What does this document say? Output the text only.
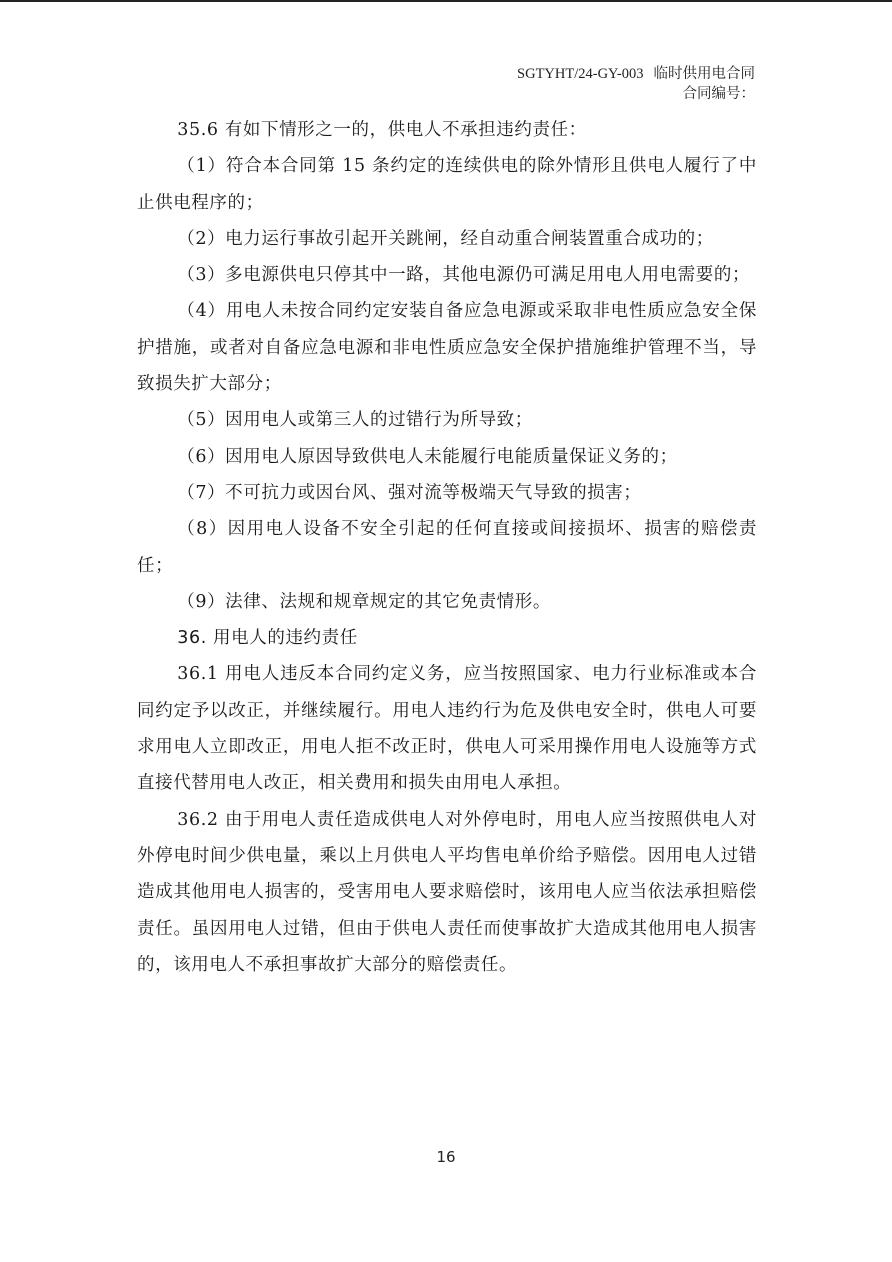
SGTYHT/24-GY-003 临时供用电合同
合同编号：

35.6 有如下情形之一的，供电人不承担违约责任：

（1）符合本合同第 15 条约定的连续供电的除外情形且供电人履行了中止供电程序的；

（2）电力运行事故引起开关跳闸，经自动重合闸装置重合成功的；

（3）多电源供电只停其中一路，其他电源仍可满足用电人用电需要的；

（4）用电人未按合同约定安装自备应急电源或采取非电性质应急安全保护措施，或者对自备应急电源和非电性质应急安全保护措施维护管理不当，导致损失扩大部分；

（5）因用电人或第三人的过错行为所导致；

（6）因用电人原因导致供电人未能履行电能质量保证义务的；

（7）不可抗力或因台风、强对流等极端天气导致的损害；

（8）因用电人设备不安全引起的任何直接或间接损坏、损害的赔偿责任；

（9）法律、法规和规章规定的其它免责情形。

36. 用电人的违约责任

36.1 用电人违反本合同约定义务，应当按照国家、电力行业标准或本合同约定予以改正，并继续履行。用电人违约行为危及供电安全时，供电人可要求用电人立即改正，用电人拒不改正时，供电人可采用操作用电人设施等方式直接代替用电人改正，相关费用和损失由用电人承担。

36.2 由于用电人责任造成供电人对外停电时，用电人应当按照供电人对外停电时间少供电量，乘以上月供电人平均售电单价给予赔偿。因用电人过错造成其他用电人损害的，受害用电人要求赔偿时，该用电人应当依法承担赔偿责任。虽因用电人过错，但由于供电人责任而使事故扩大造成其他用电人损害的，该用电人不承担事故扩大部分的赔偿责任。

16
